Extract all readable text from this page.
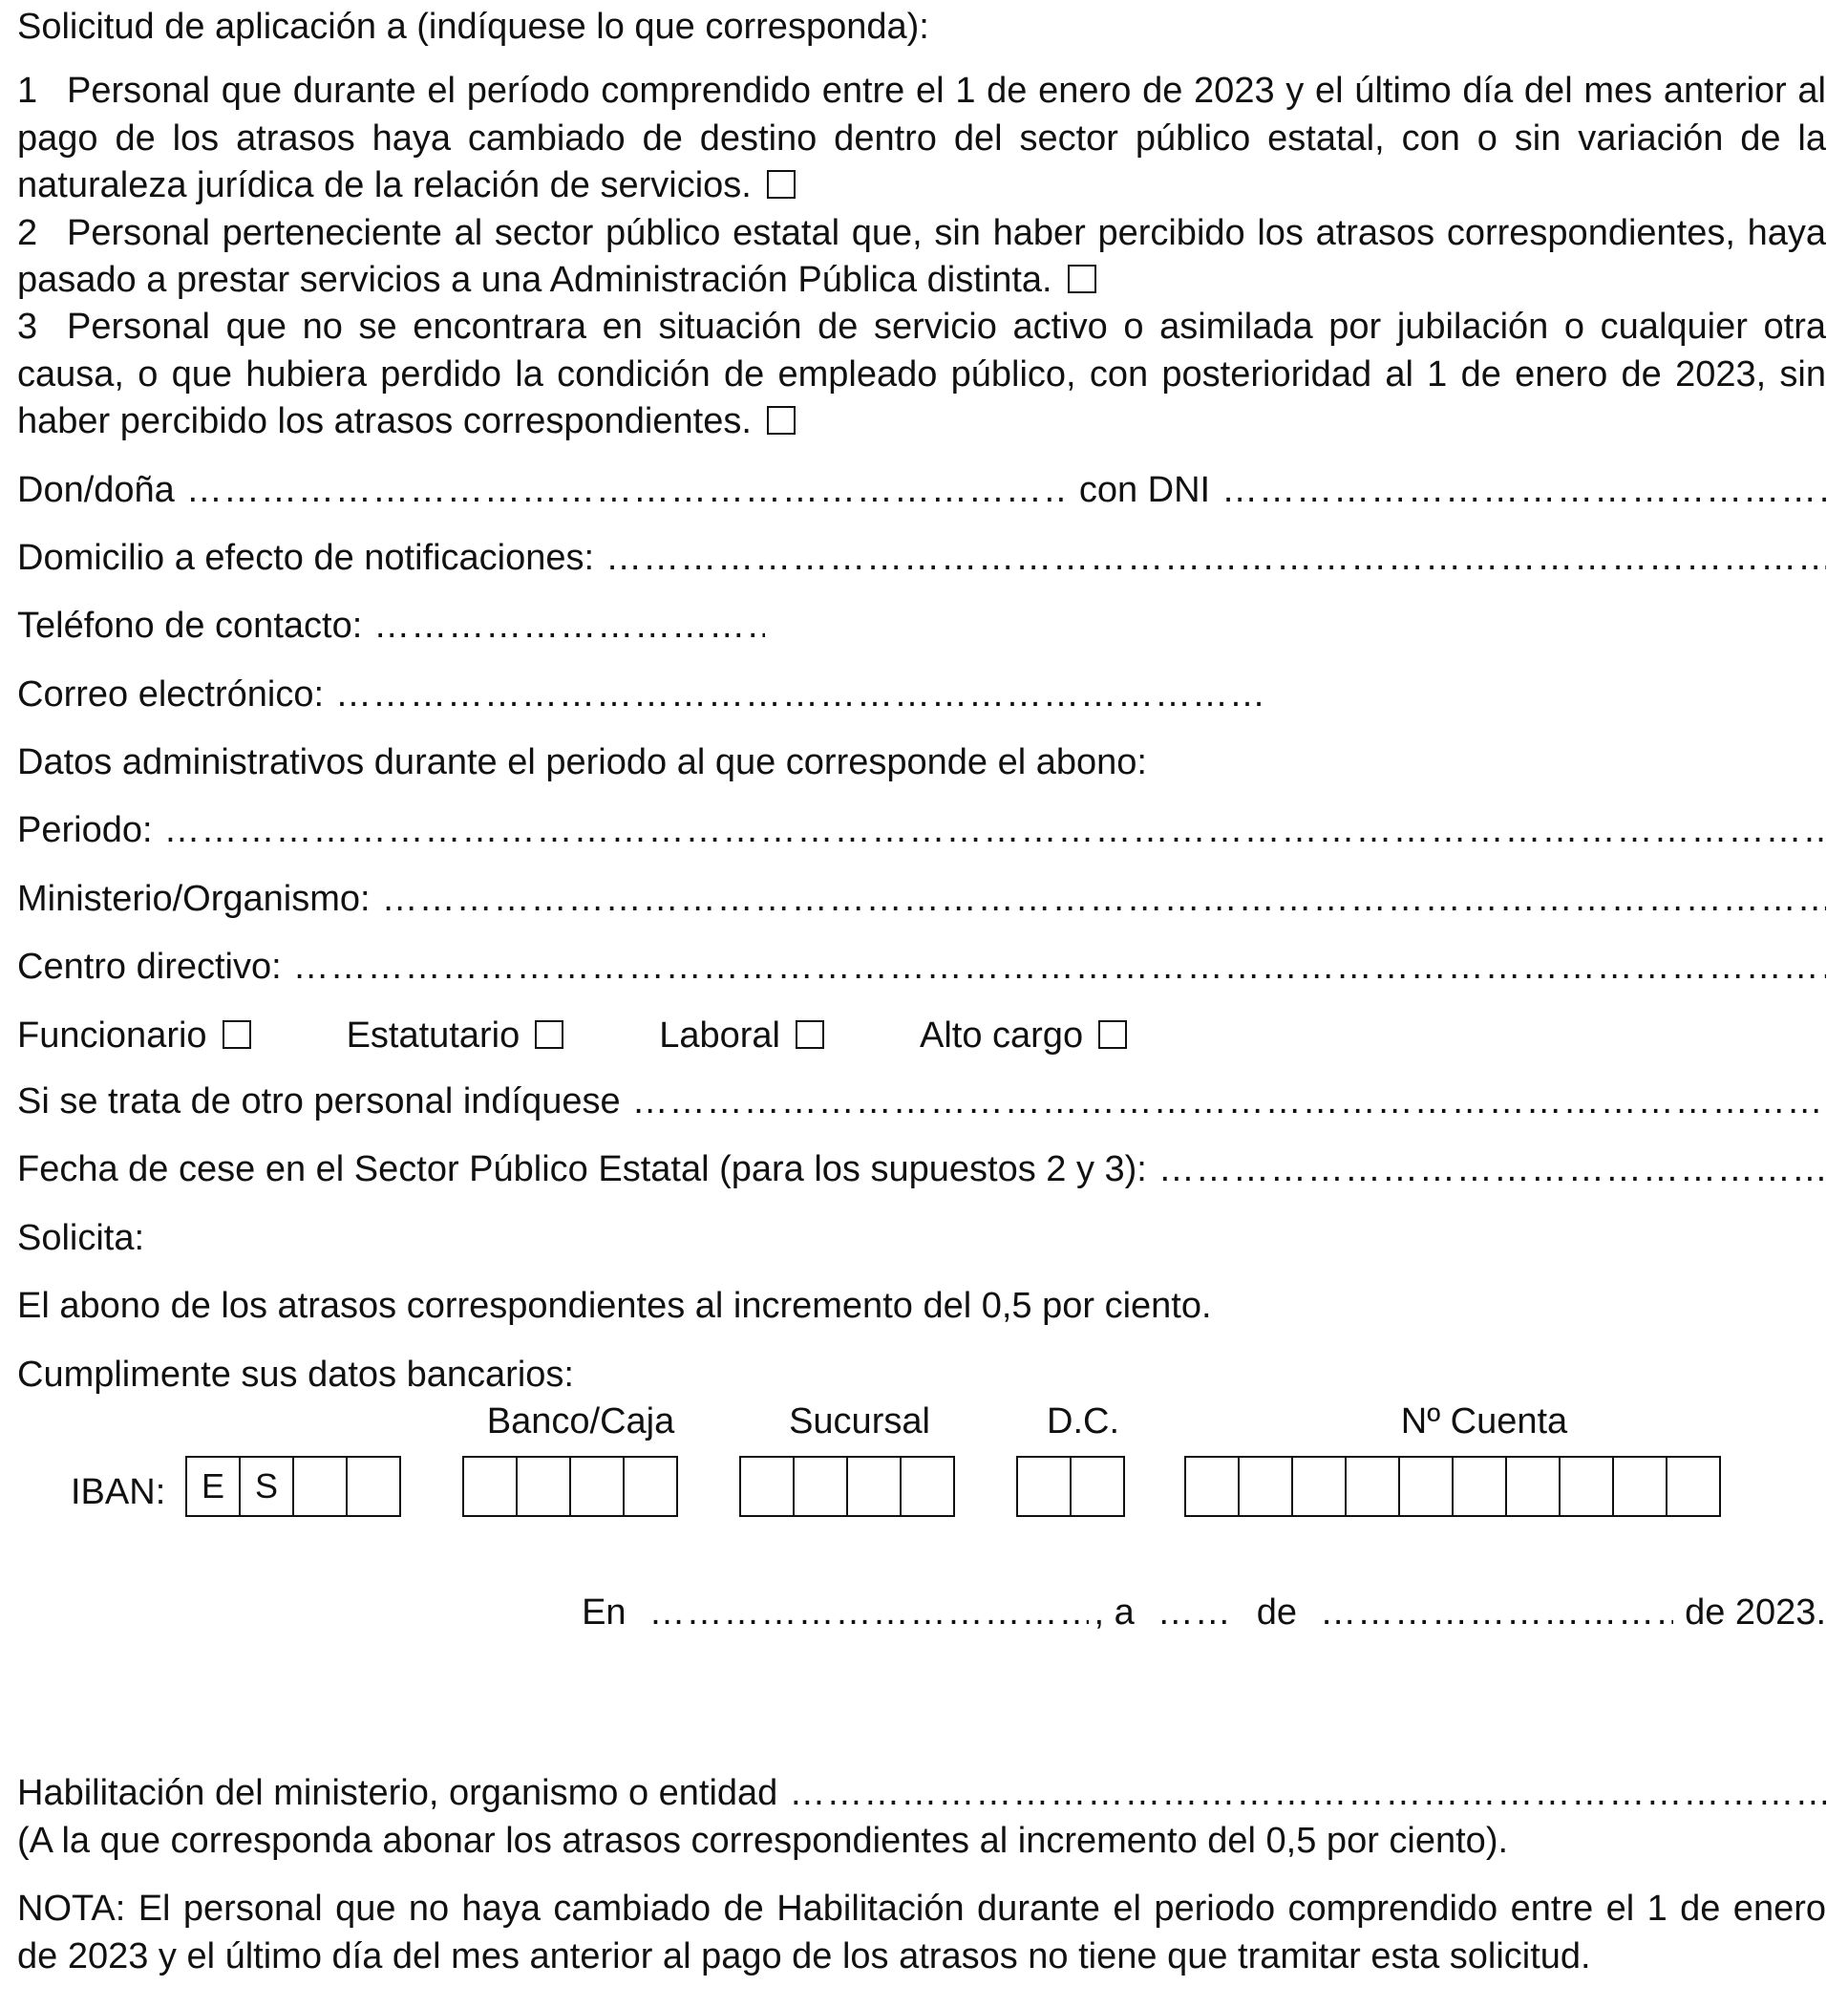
Solicitud de aplicación a (indíquese lo que corresponda):

1 Personal que durante el período comprendido entre el 1 de enero de 2023 y el último día del mes anterior al pago de los atrasos haya cambiado de destino dentro del sector público estatal, con o sin variación de la naturaleza jurídica de la relación de servicios.

2 Personal perteneciente al sector público estatal que, sin haber percibido los atrasos correspondientes, haya pasado a prestar servicios a una Administración Pública distinta.

3 Personal que no se encontrara en situación de servicio activo o asimilada por jubilación o cualquier otra causa, o que hubiera perdido la condición de empleado público, con posterioridad al 1 de enero de 2023, sin haber percibido los atrasos correspondientes.

Don/doña …………………………………………………………………………………………………………………………………………………………………………………………………	con DNI
…………………………………………………………………………………………………………………………………………………………………………………………………
Domicilio a efecto de notificaciones:
…………………………………………………………………………………………………………………………………………………………………………………………………
Teléfono de contacto:
…………………………………………………………………………………………………………………………………………………………………………………………………
Correo electrónico:
…………………………………………………………………………………………………………………………………………………………………………………………………

Datos administrativos durante el periodo al que corresponde el abono:

Periodo:
…………………………………………………………………………………………………………………………………………………………………………………………………
Ministerio/Organismo:
…………………………………………………………………………………………………………………………………………………………………………………………………
Centro directivo:
…………………………………………………………………………………………………………………………………………………………………………………………………
Funcionario	Estatutario	Laboral	Alto cargo
Si se trata de otro personal indíquese
…………………………………………………………………………………………………………………………………………………………………………………………………
Fecha de cese en el Sector Público Estatal (para los supuestos 2 y 3):
…………………………………………………………………………………………………………………………………………………………………………………………………

Solicita:

El abono de los atrasos correspondientes al incremento del 0,5 por ciento.

Cumplimente sus datos bancarios:

Banco/Caja	Sucursal	D.C.	Nº Cuenta
IBAN:	E S
En …………………………………………………………………………………………………………………………………………………………………………………………………	, a …………………………………………………………………………………………………………………………………………………………………………………………………	de …………………………………………………………………………………………………………………………………………………………………………………………………	de 2023.
Habilitación del ministerio, organismo o entidad
…………………………………………………………………………………………………………………………………………………………………………………………………

(A la que corresponda abonar los atrasos correspondientes al incremento del 0,5 por ciento).

NOTA: El personal que no haya cambiado de Habilitación durante el periodo comprendido entre el 1 de enero de 2023 y el último día del mes anterior al pago de los atrasos no tiene que tramitar esta solicitud.
